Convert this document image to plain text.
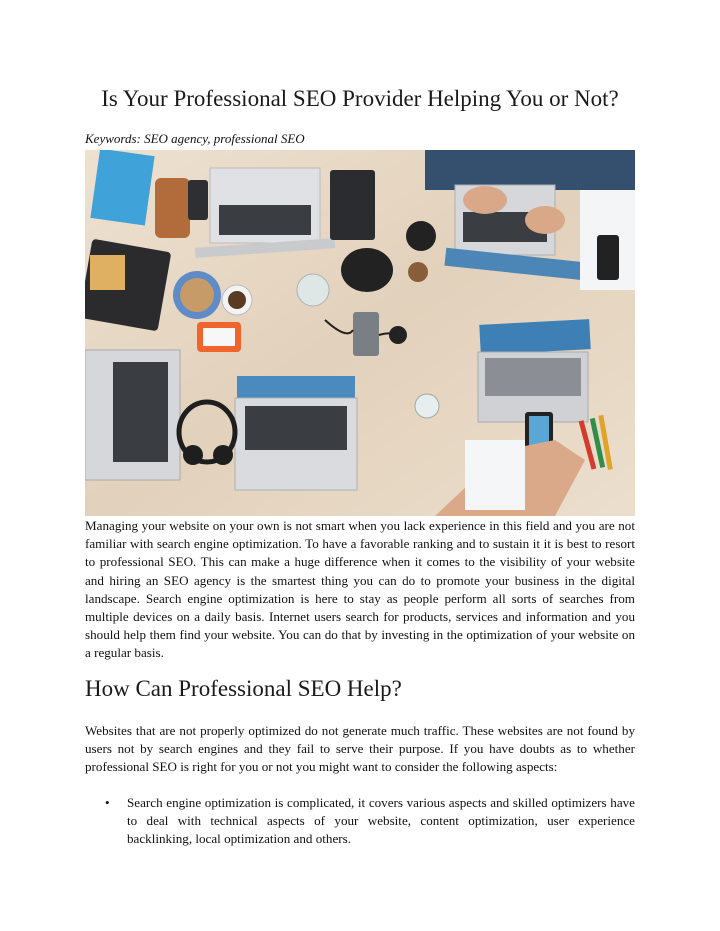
Is Your Professional SEO Provider Helping You or Not?

Keywords: SEO agency, professional SEO

Managing your website on your own is not smart when you lack experience in this field and you are not familiar with search engine optimization. To have a favorable ranking and to sustain it it is best to resort to professional SEO. This can make a huge difference when it comes to the visibility of your website and hiring an SEO agency is the smartest thing you can do to promote your business in the digital landscape. Search engine optimization is here to stay as people perform all sorts of searches from multiple devices on a daily basis. Internet users search for products, services and information and you should help them find your website. You can do that by investing in the optimization of your website on a regular basis.

How Can Professional SEO Help?

Websites that are not properly optimized do not generate much traffic. These websites are not found by users not by search engines and they fail to serve their purpose. If you have doubts as to whether professional SEO is right for you or not you might want to consider the following aspects:

• Search engine optimization is complicated, it covers various aspects and skilled optimizers have to deal with technical aspects of your website, content optimization, user experience backlinking, local optimization and others.
